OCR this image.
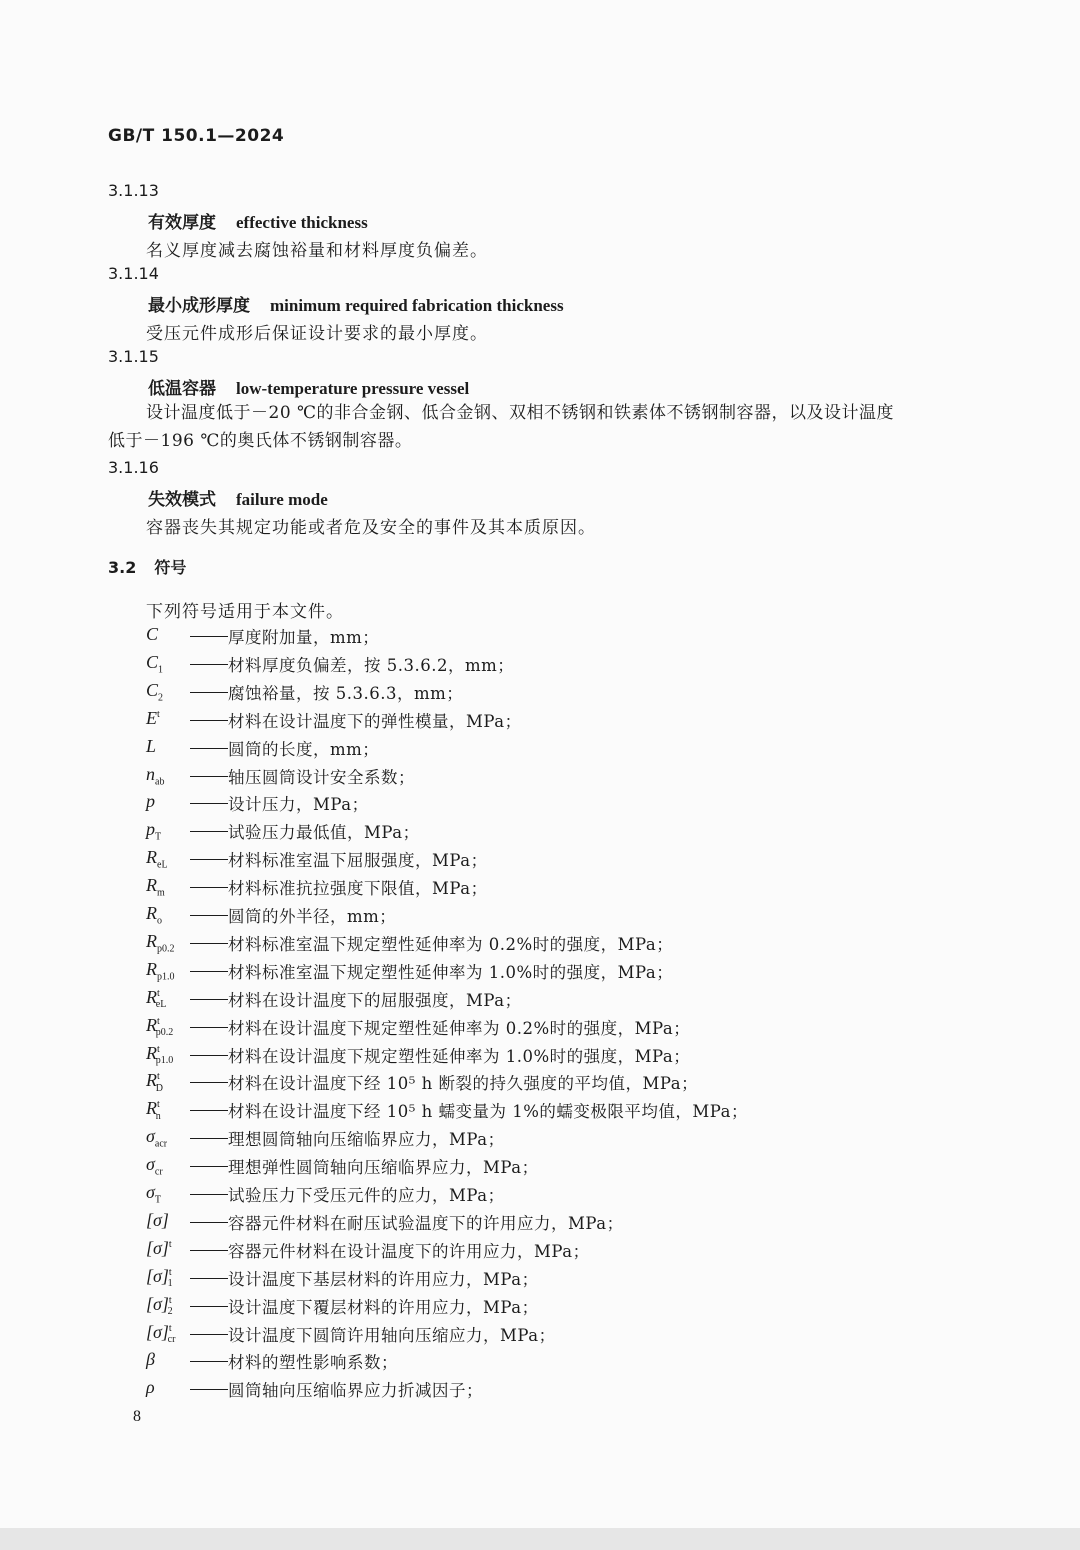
GB/T 150.1—2024
3.1.13
有效厚度 effective thickness
名义厚度减去腐蚀裕量和材料厚度负偏差。
3.1.14
最小成形厚度 minimum required fabrication thickness
受压元件成形后保证设计要求的最小厚度。
3.1.15
低温容器 low-temperature pressure vessel
设计温度低于－20 ℃的非合金钢、低合金钢、双相不锈钢和铁素体不锈钢制容器，以及设计温度低于－196 ℃的奥氏体不锈钢制容器。
3.1.16
失效模式 failure mode
容器丧失其规定功能或者危及安全的事件及其本质原因。
3.2 符号
下列符号适用于本文件。
C	厚度附加量，mm；
$C_1$	材料厚度负偏差，按 5.3.6.2，mm；
$C_2$	腐蚀裕量，按 5.3.6.3，mm；
$E^t$	材料在设计温度下的弹性模量，MPa；
L	圆筒的长度，mm；
$n_{ab}$	轴压圆筒设计安全系数；
p	设计压力，MPa；
$p_T$	试验压力最低值，MPa；
$R_{eL}$	材料标准室温下屈服强度，MPa；
$R_m$	材料标准抗拉强度下限值，MPa；
$R_o$	圆筒的外半径，mm；
$R_{p0.2}$	材料标准室温下规定塑性延伸率为 0.2%时的强度，MPa；
$R_{p1.0}$	材料标准室温下规定塑性延伸率为 1.0%时的强度，MPa；
$R^t_{eL}$	材料在设计温度下的屈服强度，MPa；
$R^t_{p0.2}$	材料在设计温度下规定塑性延伸率为 0.2%时的强度，MPa；
$R^t_{p1.0}$	材料在设计温度下规定塑性延伸率为 1.0%时的强度，MPa；
$R^t_D$	材料在设计温度下经 10⁵ h 断裂的持久强度的平均值，MPa；
$R^t_n$	材料在设计温度下经 10⁵ h 蠕变量为 1%的蠕变极限平均值，MPa；
$\sigma_{acr}$	理想圆筒轴向压缩临界应力，MPa；
$\sigma_{cr}$	理想弹性圆筒轴向压缩临界应力，MPa；
$\sigma_T$	试验压力下受压元件的应力，MPa；
[σ]	容器元件材料在耐压试验温度下的许用应力，MPa；
$[\sigma]^t$	容器元件材料在设计温度下的许用应力，MPa；
$[\sigma]^t_1$	设计温度下基层材料的许用应力，MPa；
$[\sigma]^t_2$	设计温度下覆层材料的许用应力，MPa；
$[\sigma]^t_{cr}$	设计温度下圆筒许用轴向压缩应力，MPa；
β	材料的塑性影响系数；
ρ	圆筒轴向压缩临界应力折减因子；
8
